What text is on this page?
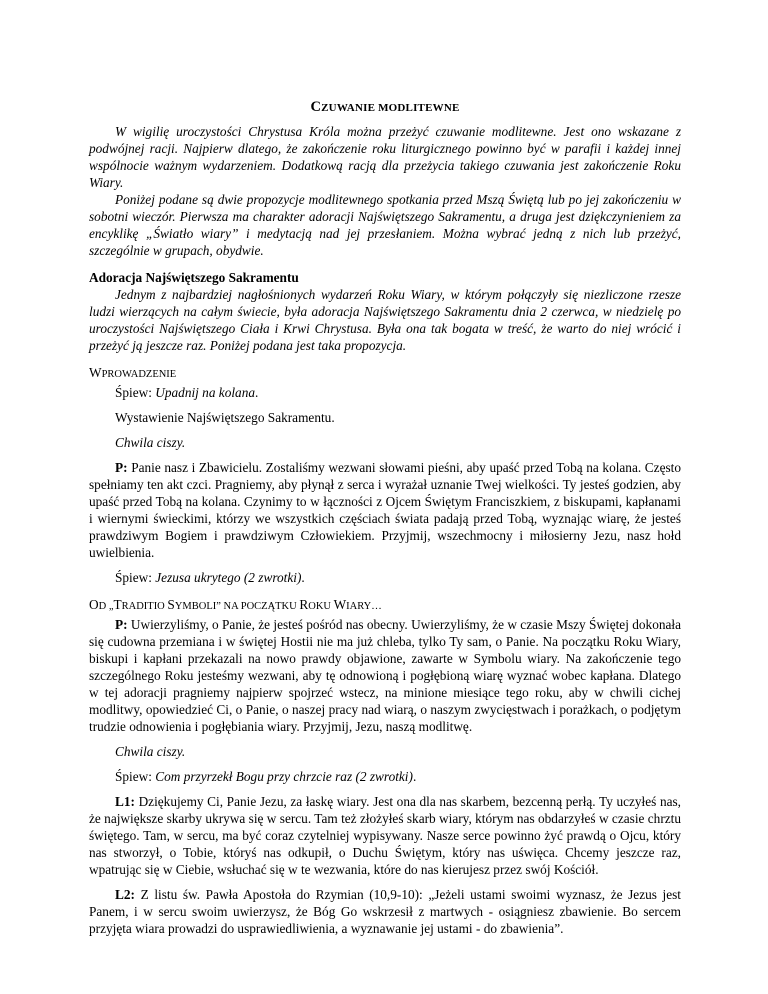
CZUWANIE MODLITEWNE

W wigilię uroczystości Chrystusa Króla można przeżyć czuwanie modlitewne. Jest ono wskazane z podwójnej racji. Najpierw dlatego, że zakończenie roku liturgicznego powinno być w parafii i każdej innej wspólnocie ważnym wydarzeniem. Dodatkową racją dla przeżycia takiego czuwania jest zakończenie Roku Wiary.

Poniżej podane są dwie propozycje modlitewnego spotkania przed Mszą Świętą lub po jej zakończeniu w sobotni wieczór. Pierwsza ma charakter adoracji Najświętszego Sakramentu, a druga jest dziękczynieniem za encyklikę „Światło wiary” i medytacją nad jej przesłaniem. Można wybrać jedną z nich lub przeżyć, szczególnie w grupach, obydwie.

Adoracja Najświętszego Sakramentu

Jednym z najbardziej nagłośnionych wydarzeń Roku Wiary, w którym połączyły się niezliczone rzesze ludzi wierzących na całym świecie, była adoracja Najświętszego Sakramentu dnia 2 czerwca, w niedzielę po uroczystości Najświętszego Ciała i Krwi Chrystusa. Była ona tak bogata w treść, że warto do niej wrócić i przeżyć ją jeszcze raz. Poniżej podana jest taka propozycja.

WPROWADZENIE

Śpiew: Upadnij na kolana.

Wystawienie Najświętszego Sakramentu.

Chwila ciszy.

P: Panie nasz i Zbawicielu. Zostaliśmy wezwani słowami pieśni, aby upaść przed Tobą na kolana. Często spełniamy ten akt czci. Pragniemy, aby płynął z serca i wyrażał uznanie Twej wielkości. Ty jesteś godzien, aby upaść przed Tobą na kolana. Czynimy to w łączności z Ojcem Świętym Franciszkiem, z biskupami, kapłanami i wiernymi świeckimi, którzy we wszystkich częściach świata padają przed Tobą, wyznając wiarę, że jesteś prawdziwym Bogiem i prawdziwym Człowiekiem. Przyjmij, wszechmocny i miłosierny Jezu, nasz hołd uwielbienia.

Śpiew: Jezusa ukrytego (2 zwrotki).

OD „TRADITIO SYMBOLI” NA POCZĄTKU ROKU WIARY…

P: Uwierzyliśmy, o Panie, że jesteś pośród nas obecny. Uwierzyliśmy, że w czasie Mszy Świętej dokonała się cudowna przemiana i w świętej Hostii nie ma już chleba, tylko Ty sam, o Panie. Na początku Roku Wiary, biskupi i kapłani przekazali na nowo prawdy objawione, zawarte w Symbolu wiary. Na zakończenie tego szczególnego Roku jesteśmy wezwani, aby tę odnowioną i pogłębioną wiarę wyznać wobec kapłana. Dlatego w tej adoracji pragniemy najpierw spojrzeć wstecz, na minione miesiące tego roku, aby w chwili cichej modlitwy, opowiedzieć Ci, o Panie, o naszej pracy nad wiarą, o naszym zwycięstwach i porażkach, o podjętym trudzie odnowienia i pogłębiania wiary. Przyjmij, Jezu, naszą modlitwę.

Chwila ciszy.

Śpiew: Com przyrzekł Bogu przy chrzcie raz (2 zwrotki).

L1: Dziękujemy Ci, Panie Jezu, za łaskę wiary. Jest ona dla nas skarbem, bezcenną perłą. Ty uczyłeś nas, że największe skarby ukrywa się w sercu. Tam też złożyłeś skarb wiary, którym nas obdarzyłeś w czasie chrztu świętego. Tam, w sercu, ma być coraz czytelniej wypisywany. Nasze serce powinno żyć prawdą o Ojcu, który nas stworzył, o Tobie, któryś nas odkupił, o Duchu Świętym, który nas uświęca. Chcemy jeszcze raz, wpatrując się w Ciebie, wsłuchać się w te wezwania, które do nas kierujesz przez swój Kościół.

L2: Z listu św. Pawła Apostoła do Rzymian (10,9-10): „Jeżeli ustami swoimi wyznasz, że Jezus jest Panem, i w sercu swoim uwierzysz, że Bóg Go wskrzesił z martwych - osiągniesz zbawienie. Bo sercem przyjęta wiara prowadzi do usprawiedliwienia, a wyznawanie jej ustami - do zbawienia”.
